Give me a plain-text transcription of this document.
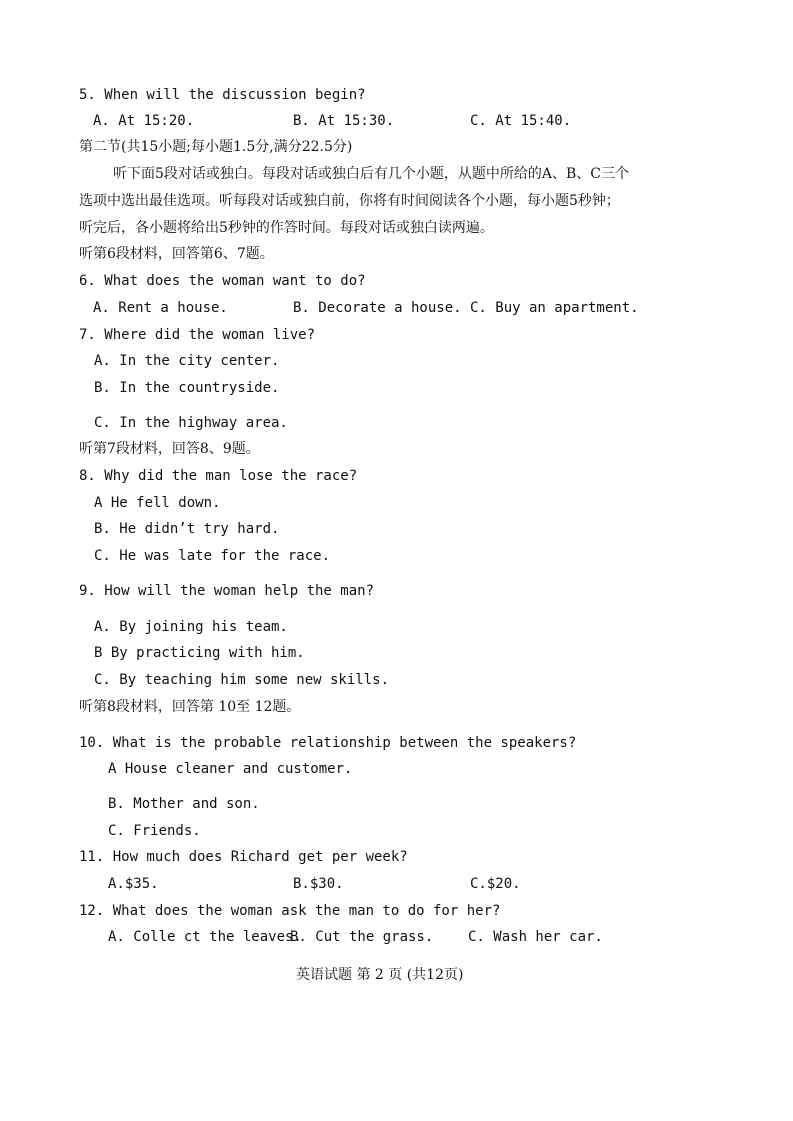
5. When will the discussion begin?
A. At 15:20.	B. At 15:30.	C. At 15:40.
第二节(共15小题;每小题1.5分,满分22.5分)
听下面5段对话或独白。每段对话或独白后有几个小题，从题中所给的A、B、C三个
选项中选出最佳选项。听每段对话或独白前，你将有时间阅读各个小题，每小题5秒钟；
听完后，各小题将给出5秒钟的作答时间。每段对话或独白读两遍。
听第6段材料，回答第6、7题。
6. What does the woman want to do?
A. Rent a house.	B. Decorate a house. C. Buy an apartment.
7. Where did the woman live?
A. In the city center.
B. In the countryside.
C. In the highway area.
听第7段材料，回答8、9题。
8. Why did the man lose the race?
A He fell down.
B. He didn’t try hard.
C. He was late for the race.
9. How will the woman help the man?
A. By joining his team.
B By practicing with him.
C. By teaching him some new skills.
听第8段材料，回答第 10至 12题。
10. What is the probable relationship between the speakers?
A House cleaner and customer.
B. Mother and son.
C. Friends.
11. How much does Richard get per week?
A.$35.	B.$30.	C.$20.
12. What does the woman ask the man to do for her?
A. Colle ct the leaves.
B. Cut the grass. C. Wash her car.
英语试题 第 2 页 (共12页)
